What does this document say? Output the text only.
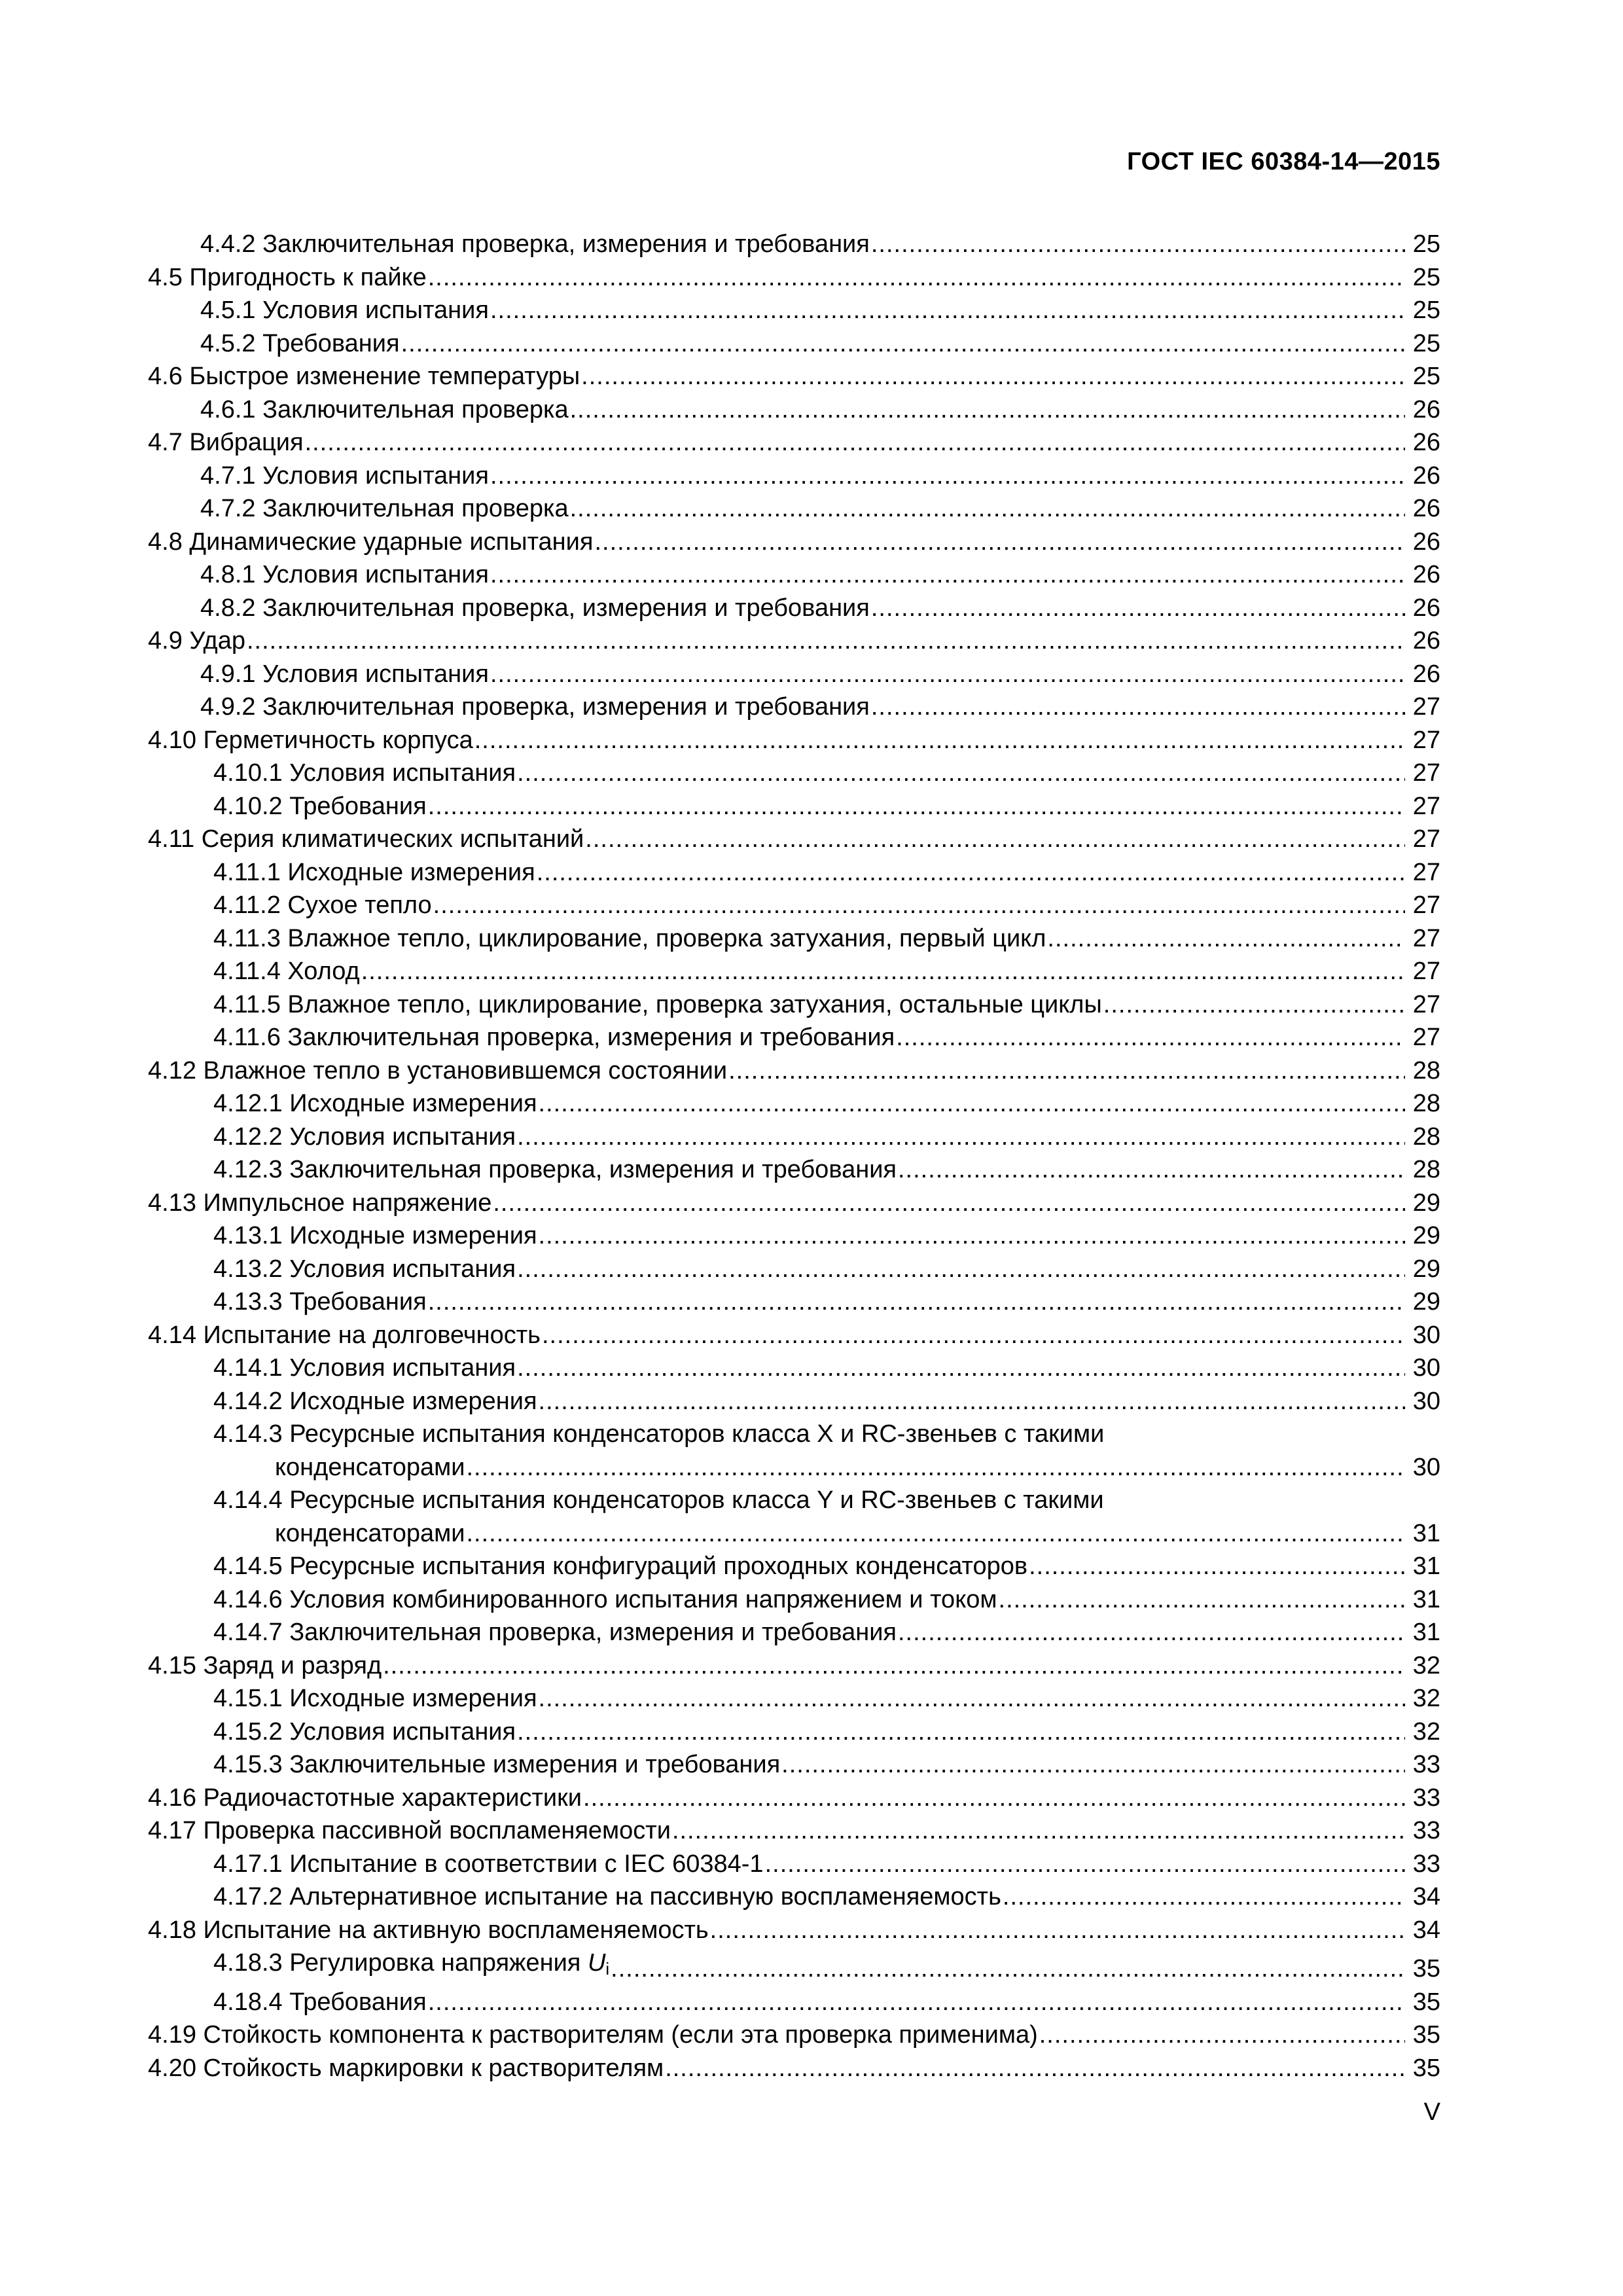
ГОСТ IEC 60384-14—2015
4.4.2 Заключительная проверка, измерения и требования .....	25
4.5 Пригодность к пайке .....	25
4.5.1 Условия испытания .....	25
4.5.2 Требования .....	25
4.6 Быстрое изменение температуры .....	25
4.6.1 Заключительная проверка .....	26
4.7 Вибрация .....	26
4.7.1 Условия испытания .....	26
4.7.2 Заключительная проверка .....	26
4.8 Динамические ударные испытания .....	26
4.8.1 Условия испытания .....	26
4.8.2 Заключительная проверка, измерения и требования .....	26
4.9 Удар .....	26
4.9.1 Условия испытания .....	26
4.9.2 Заключительная проверка, измерения и требования .....	27
4.10 Герметичность корпуса .....	27
4.10.1 Условия испытания .....	27
4.10.2 Требования .....	27
4.11 Серия климатических испытаний .....	27
4.11.1 Исходные измерения .....	27
4.11.2 Сухое тепло .....	27
4.11.3 Влажное тепло, циклирование, проверка затухания, первый цикл .....	27
4.11.4 Холод .....	27
4.11.5 Влажное тепло, циклирование, проверка затухания, остальные циклы .....	27
4.11.6 Заключительная проверка, измерения и требования .....	27
4.12 Влажное тепло в установившемся состоянии .....	28
4.12.1 Исходные измерения .....	28
4.12.2 Условия испытания .....	28
4.12.3 Заключительная проверка, измерения и требования .....	28
4.13 Импульсное напряжение .....	29
4.13.1 Исходные измерения .....	29
4.13.2 Условия испытания .....	29
4.13.3 Требования .....	29
4.14 Испытание на долговечность .....	30
4.14.1 Условия испытания .....	30
4.14.2 Исходные измерения .....	30
4.14.3 Ресурсные испытания конденсаторов класса X и RC-звеньев с такими
конденсаторами .....	30
4.14.4 Ресурсные испытания конденсаторов класса Y и RC-звеньев с такими
конденсаторами .....	31
4.14.5 Ресурсные испытания конфигураций проходных конденсаторов .....	31
4.14.6 Условия комбинированного испытания напряжением и током .....	31
4.14.7 Заключительная проверка, измерения и требования .....	31
4.15 Заряд и разряд .....	32
4.15.1 Исходные измерения .....	32
4.15.2 Условия испытания .....	32
4.15.3 Заключительные измерения и требования .....	33
4.16 Радиочастотные характеристики .....	33
4.17 Проверка пассивной воспламеняемости .....	33
4.17.1 Испытание в соответствии с IEC 60384-1 .....	33
4.17.2 Альтернативное испытание на пассивную воспламеняемость .....	34
4.18 Испытание на активную воспламеняемость .....	34
4.18.3 Регулировка напряжения $U_i$ .....	35
4.18.4 Требования .....	35
4.19 Стойкость компонента к растворителям (если эта проверка применима) .....	35
4.20 Стойкость маркировки к растворителям .....	35
V
